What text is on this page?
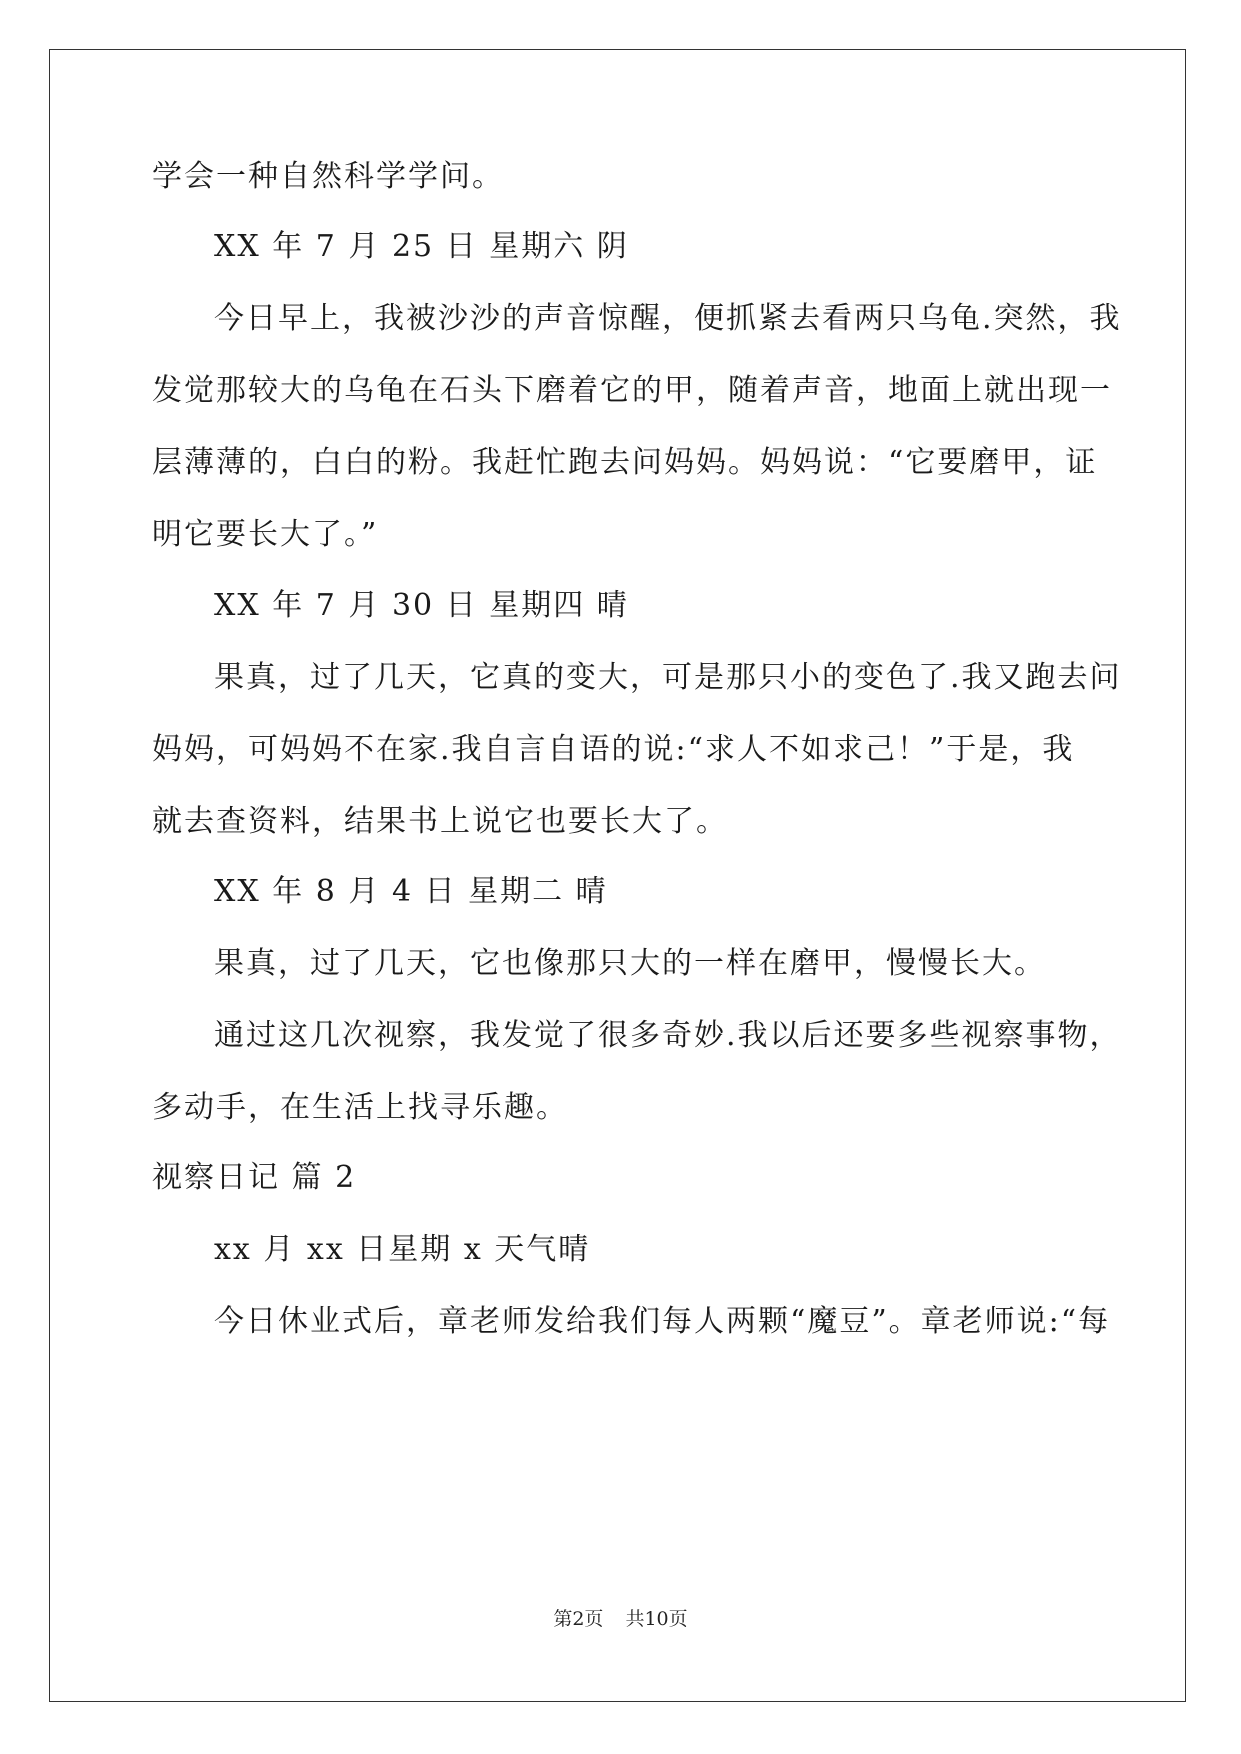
学会一种自然科学学问。
XX 年 7 月 25 日 星期六 阴
今日早上，我被沙沙的声音惊醒，便抓紧去看两只乌龟.突然，我
发觉那较大的乌龟在石头下磨着它的甲，随着声音，地面上就出现一
层薄薄的，白白的粉。我赶忙跑去问妈妈。妈妈说：“它要磨甲，证
明它要长大了。”
XX 年 7 月 30 日 星期四 晴
果真，过了几天，它真的变大，可是那只小的变色了.我又跑去问
妈妈，可妈妈不在家.我自言自语的说:“求人不如求己！”于是，我
就去查资料，结果书上说它也要长大了。
XX 年 8 月 4 日 星期二 晴
果真，过了几天，它也像那只大的一样在磨甲，慢慢长大。
通过这几次视察，我发觉了很多奇妙.我以后还要多些视察事物，
多动手，在生活上找寻乐趣。
视察日记 篇 2
xx 月 xx 日星期 x 天气晴
今日休业式后，章老师发给我们每人两颗“魔豆”。章老师说:“每
第2页 共10页
